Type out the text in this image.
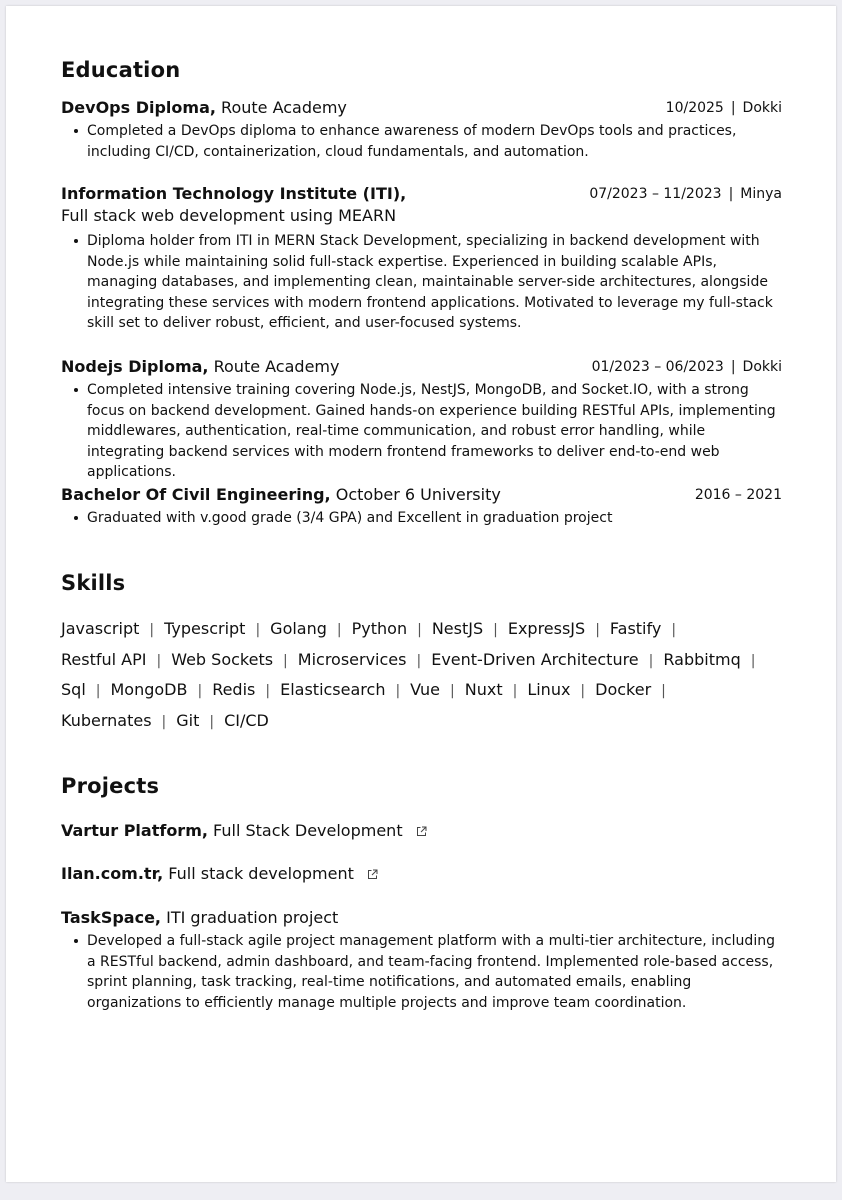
Education
DevOps Diploma, Route Academy	10/2025 | Dokki
Completed a DevOps diploma to enhance awareness of modern DevOps tools and practices, including CI/CD, containerization, cloud fundamentals, and automation.
Information Technology Institute (ITI),	07/2023 – 11/2023 | Minya
Full stack web development using MEARN
Diploma holder from ITI in MERN Stack Development, specializing in backend development with Node.js while maintaining solid full-stack expertise. Experienced in building scalable APIs, managing databases, and implementing clean, maintainable server-side architectures, alongside integrating these services with modern frontend applications. Motivated to leverage my full-stack skill set to deliver robust, efficient, and user-focused systems.
Nodejs Diploma, Route Academy	01/2023 – 06/2023 | Dokki
Completed intensive training covering Node.js, NestJS, MongoDB, and Socket.IO, with a strong focus on backend development. Gained hands-on experience building RESTful APIs, implementing middlewares, authentication, real-time communication, and robust error handling, while integrating backend services with modern frontend frameworks to deliver end-to-end web applications.
Bachelor Of Civil Engineering, October 6 University	2016 – 2021
Graduated with v.good grade (3/4 GPA) and Excellent in graduation project
Skills
Javascript | Typescript | Golang | Python | NestJS | ExpressJS | Fastify |
Restful API | Web Sockets | Microservices | Event-Driven Architecture | Rabbitmq |
Sql | MongoDB | Redis | Elasticsearch | Vue | Nuxt | Linux | Docker |
Kubernates | Git | CI/CD
Projects
Vartur Platform, Full Stack Development
Ilan.com.tr, Full stack development
TaskSpace, ITI graduation project
Developed a full-stack agile project management platform with a multi-tier architecture, including a RESTful backend, admin dashboard, and team-facing frontend. Implemented role-based access, sprint planning, task tracking, real-time notifications, and automated emails, enabling organizations to efficiently manage multiple projects and improve team coordination.
